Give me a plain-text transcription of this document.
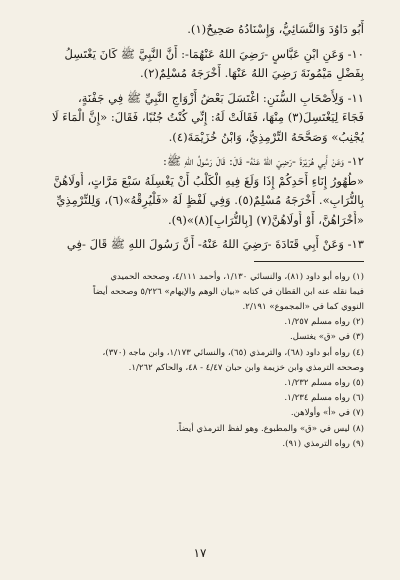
أَبُو دَاوُدَ وَالنَّسَائِيُّ، وَإِسْنَادُهُ صَحِيحٌ(١).

١٠- وَعَنِ ابْنِ عَبَّاسٍ -رَضِيَ اللهُ عَنْهُمَا-: أَنَّ النَّبِيَّ ﷺ كَانَ يَغْتَسِلُ
بِفَضْلِ مَيْمُونَةَ رَضِيَ اللهُ عَنْهَا. أَخْرَجَهُ مُسْلِمٌ(٢).

١١- وَلِأَصْحَابِ السُّنَنِ: اغْتَسَلَ بَعْضُ أَزْوَاجِ النَّبِيِّ ﷺ فِي جَفْنَةٍ،
فَجَاءَ لِيَغْتَسِلَ(٣) مِنْهَا، فَقَالَتْ لَهُ: إِنِّي كُنْتُ جُنُبًا، فَقَالَ: «إِنَّ الْمَاءَ لَا
يُجْنِبُ» وَصَحَّحَهُ التِّرْمِذِيُّ، وَابْنُ خُزَيْمَةَ(٤).

١٢- وَعَنْ أَبِي هُرَيْرَةَ -رَضِيَ اللهُ عَنْهُ- قَالَ: قَالَ رَسُولُ اللهِ ﷺ:
«طُهُورُ إِنَاءِ أَحَدِكُمْ إِذَا وَلَغَ فِيهِ الْكَلْبُ أَنْ يَغْسِلَهُ سَبْعَ مَرَّاتٍ، أُولَاهُنَّ
بِالتُّرَابِ». أَخْرَجَهُ مُسْلِمٌ(٥). وَفِي لَفْظٍ لَهُ «فَلْيُرِقْهُ»(٦)، وَلِلتِّرْمِذِيِّ
«أُخْرَاهُنَّ، أَوْ أُولَاهُنَّ(٧) [بِالتُّرَابِ](٨)»(٩).

١٣- وَعَنْ أَبِي قَتَادَةَ -رَضِيَ اللهُ عَنْهُ- أَنَّ رَسُولَ اللهِ ﷺ قَالَ -فِي

(١) رواه أبو داود (٨١)، والنسائي ١/١٣٠، وأحمد ٤/١١١، وصححه الحميدي
فيما نقله عنه ابن القطان في كتابه «بيان الوهم والإيهام» ٥/٢٢٦ وصححه أيضاً
النووي كما في «المجموع» ٢/١٩١.
(٢) رواه مسلم ١/٢٥٧.
(٣) في «ق» يغتسل.
(٤) رواه أبو داود (٦٨)، والترمذي (٦٥)، والنسائي ١/١٧٣، وابن ماجه (٣٧٠)،
وصححه الترمذي وابن خزيمة وابن حبان ٤/٤٧ - ٤٨، والحاكم ١/٢٦٢.
(٥) رواه مسلم ١/٢٣٢.
(٦) رواه مسلم ١/٢٣٤.
(٧) في «أ» وأولاهن.
(٨) ليس في «ق» والمطبوع. وهو لفظ الترمذي أيضاً.
(٩) رواه الترمذي (٩١).
١٧
